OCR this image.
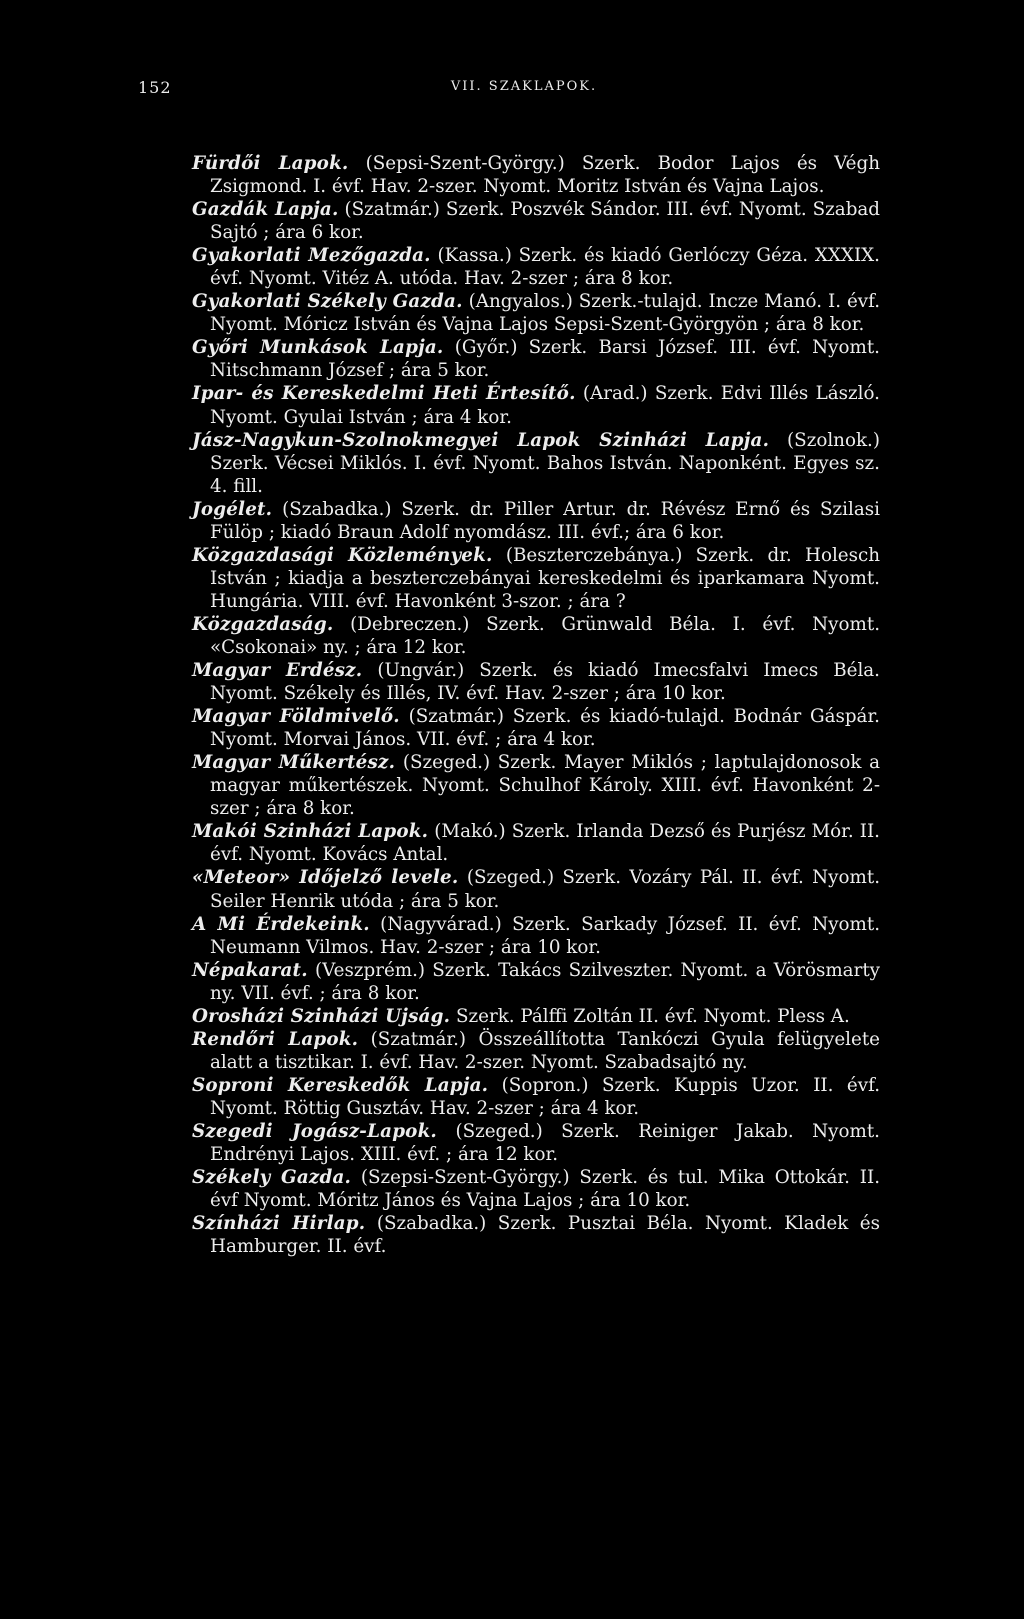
152	VII. SZAKLAPOK.

Fürdői Lapok. (Sepsi-Szent-György.) Szerk. Bodor Lajos és Végh Zsigmond. I. évf. Hav. 2-szer. Nyomt. Moritz István és Vajna Lajos.

Gazdák Lapja. (Szatmár.) Szerk. Poszvék Sándor. III. évf. Nyomt. Szabad Sajtó ; ára 6 kor.

Gyakorlati Mezőgazda. (Kassa.) Szerk. és kiadó Gerlóczy Géza. XXXIX. évf. Nyomt. Vitéz A. utóda. Hav. 2-szer ; ára 8 kor.

Gyakorlati Székely Gazda. (Angyalos.) Szerk.-tulajd. Incze Manó. I. évf. Nyomt. Móricz István és Vajna Lajos Sepsi-Szent-Györgyön ; ára 8 kor.

Győri Munkások Lapja. (Győr.) Szerk. Barsi József. III. évf. Nyomt. Nitschmann József ; ára 5 kor.

Ipar- és Kereskedelmi Heti Értesítő. (Arad.) Szerk. Edvi Illés László. Nyomt. Gyulai István ; ára 4 kor.

Jász-Nagykun-Szolnokmegyei Lapok Szinházi Lapja. (Szolnok.) Szerk. Vécsei Miklós. I. évf. Nyomt. Bahos István. Naponként. Egyes sz. 4. fill.

Jogélet. (Szabadka.) Szerk. dr. Piller Artur. dr. Révész Ernő és Szilasi Fülöp ; kiadó Braun Adolf nyomdász. III. évf.; ára 6 kor.

Közgazdasági Közlemények. (Beszterczebánya.) Szerk. dr. Holesch István ; kiadja a beszterczebányai kereskedelmi és iparkamara Nyomt. Hungária. VIII. évf. Havonként 3-szor. ; ára ?

Közgazdaság. (Debreczen.) Szerk. Grünwald Béla. I. évf. Nyomt. «Csokonai» ny. ; ára 12 kor.

Magyar Erdész. (Ungvár.) Szerk. és kiadó Imecsfalvi Imecs Béla. Nyomt. Székely és Illés, IV. évf. Hav. 2-szer ; ára 10 kor.

Magyar Földmivelő. (Szatmár.) Szerk. és kiadó-tulajd. Bodnár Gáspár. Nyomt. Morvai János. VII. évf. ; ára 4 kor.

Magyar Műkertész. (Szeged.) Szerk. Mayer Miklós ; laptulajdonosok a magyar műkertészek. Nyomt. Schulhof Károly. XIII. évf. Havonként 2-szer ; ára 8 kor.

Makói Szinházi Lapok. (Makó.) Szerk. Irlanda Dezső és Purjész Mór. II. évf. Nyomt. Kovács Antal.

«Meteor» Időjelző levele. (Szeged.) Szerk. Vozáry Pál. II. évf. Nyomt. Seiler Henrik utóda ; ára 5 kor.

A Mi Érdekeink. (Nagyvárad.) Szerk. Sarkady József. II. évf. Nyomt. Neumann Vilmos. Hav. 2-szer ; ára 10 kor.

Népakarat. (Veszprém.) Szerk. Takács Szilveszter. Nyomt. a Vörösmarty ny. VII. évf. ; ára 8 kor.

Orosházi Szinházi Ujság. Szerk. Pálffi Zoltán II. évf. Nyomt. Pless A.

Rendőri Lapok. (Szatmár.) Összeállította Tankóczi Gyula felügyelete alatt a tisztikar. I. évf. Hav. 2-szer. Nyomt. Szabadsajtó ny.

Soproni Kereskedők Lapja. (Sopron.) Szerk. Kuppis Uzor. II. évf. Nyomt. Röttig Gusztáv. Hav. 2-szer ; ára 4 kor.

Szegedi Jogász-Lapok. (Szeged.) Szerk. Reiniger Jakab. Nyomt. Endrényi Lajos. XIII. évf. ; ára 12 kor.

Székely Gazda. (Szepsi-Szent-György.) Szerk. és tul. Mika Ottokár. II. évf Nyomt. Móritz János és Vajna Lajos ; ára 10 kor.

Színházi Hirlap. (Szabadka.) Szerk. Pusztai Béla. Nyomt. Kladek és Hamburger. II. évf.
